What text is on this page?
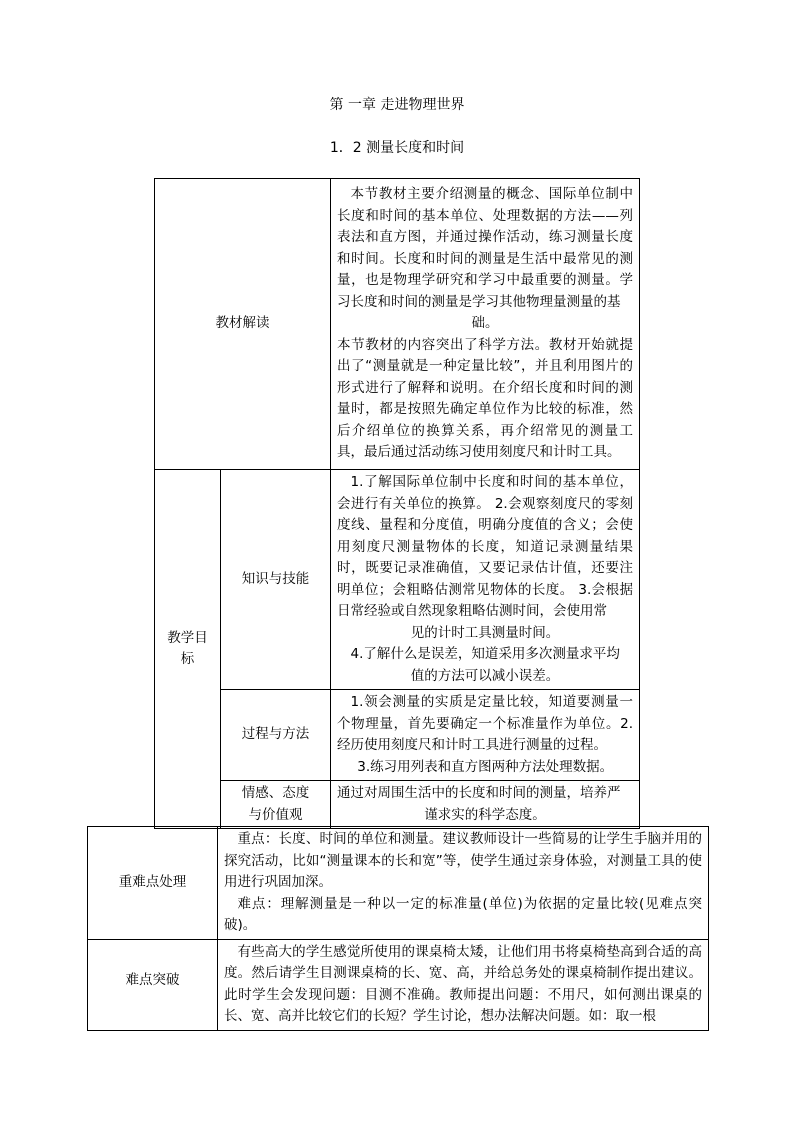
第 一章 走进物理世界
1．2 测量长度和时间
教材解读		本节教材主要介绍测量的概念、国际单位制中长度和时间的基本单位、处理数据的方法——列表法和直方图，并通过操作活动，练习测量长度和时间。长度和时间的测量是生活中最常见的测量，也是物理学研究和学习中最重要的测量。学习长度和时间的测量是学习其他物理量测量的基

础。

本节教材的内容突出了科学方法。教材开始就提出了“测量就是一种定量比较”，并且利用图片的形式进行了解释和说明。在介绍长度和时间的测量时，都是按照先确定单位作为比较的标准，然后介绍单位的换算关系，再介绍常见的测量工具，最后通过活动练习使用刻度尺和计时工具。

教学目标	知识与技能	1.了解国际单位制中长度和时间的基本单位，会进行有关单位的换算。 2.会观察刻度尺的零刻度线、量程和分度值，明确分度值的含义；会使用刻度尺测量物体的长度，知道记录测量结果时，既要记录准确值，又要记录估计值，还要注明单位；会粗略估测常见物体的长度。 3.会根据日常经验或自然现象粗略估测时间，会使用常

见的计时工具测量时间。

4.了解什么是误差，知道采用多次测量求平均

值的方法可以减小误差。

	过程与方法	1.领会测量的实质是定量比较，知道要测量一个物理量，首先要确定一个标准量作为单位。2.经历使用刻度尺和计时工具进行测量的过程。

3.练习用列表和直方图两种方法处理数据。

	情感、态度与价值观	通过对周围生活中的长度和时间的测量，培养严

谨求实的科学态度。

重难点处理	重点：长度、时间的单位和测量。建议教师设计一些简易的让学生手脑并用的探究活动，比如“测量课本的长和宽”等，使学生通过亲身体验，对测量工具的使用进行巩固加深。

难点：理解测量是一种以一定的标准量(单位)为依据的定量比较(见难点突破)。

难点突破	有些高大的学生感觉所使用的课桌椅太矮，让他们用书将桌椅垫高到合适的高度。然后请学生目测课桌椅的长、宽、高，并给总务处的课桌椅制作提出建议。此时学生会发现问题：目测不准确。教师提出问题：不用尺，如何测出课桌的长、宽、高并比较它们的长短？学生讨论，想办法解决问题。如：取一根
